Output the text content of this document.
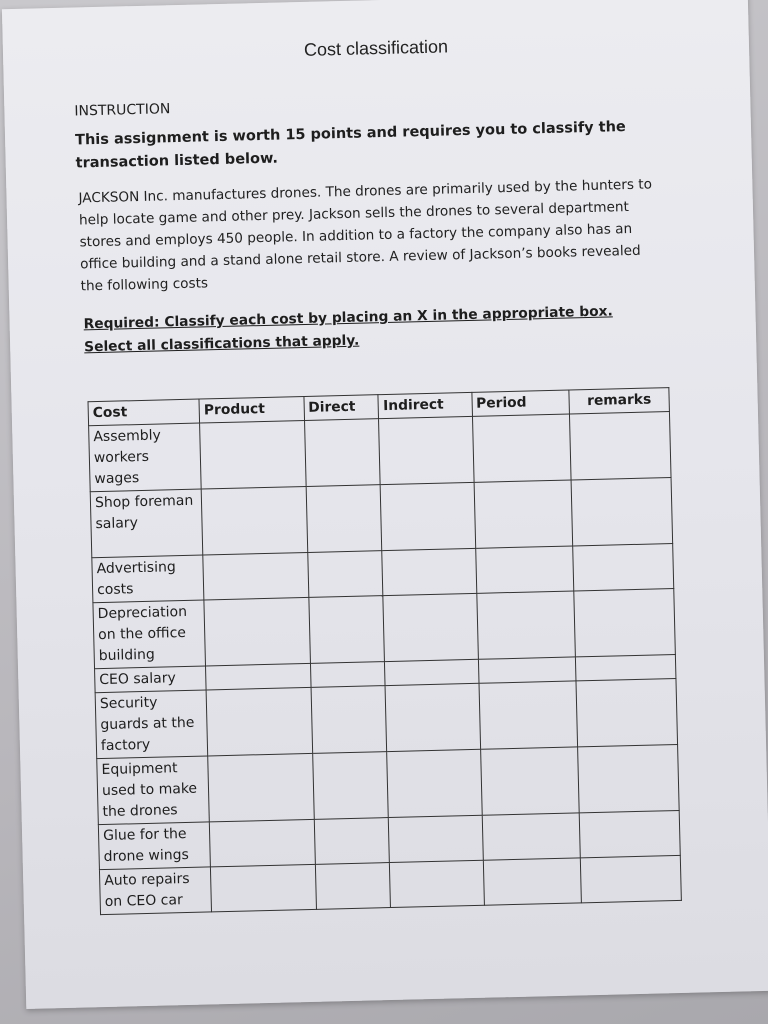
Cost classification
INSTRUCTION
This assignment is worth 15 points and requires you to classify the transaction listed below.
JACKSON Inc. manufactures drones. The drones are primarily used by the hunters to help locate game and other prey. Jackson sells the drones to several department stores and employs 450 people. In addition to a factory the company also has an office building and a stand alone retail store. A review of Jackson’s books revealed the following costs
Required: Classify each cost by placing an X in the appropriate box. Select all classifications that apply.
Cost	Product	Direct	Indirect	Period	remarks
Assembly workers wages					
Shop foreman salary					
Advertising costs					
Depreciation on the office building					
CEO salary					
Security guards at the factory					
Equipment used to make the drones					
Glue for the drone wings					
Auto repairs on CEO car					
